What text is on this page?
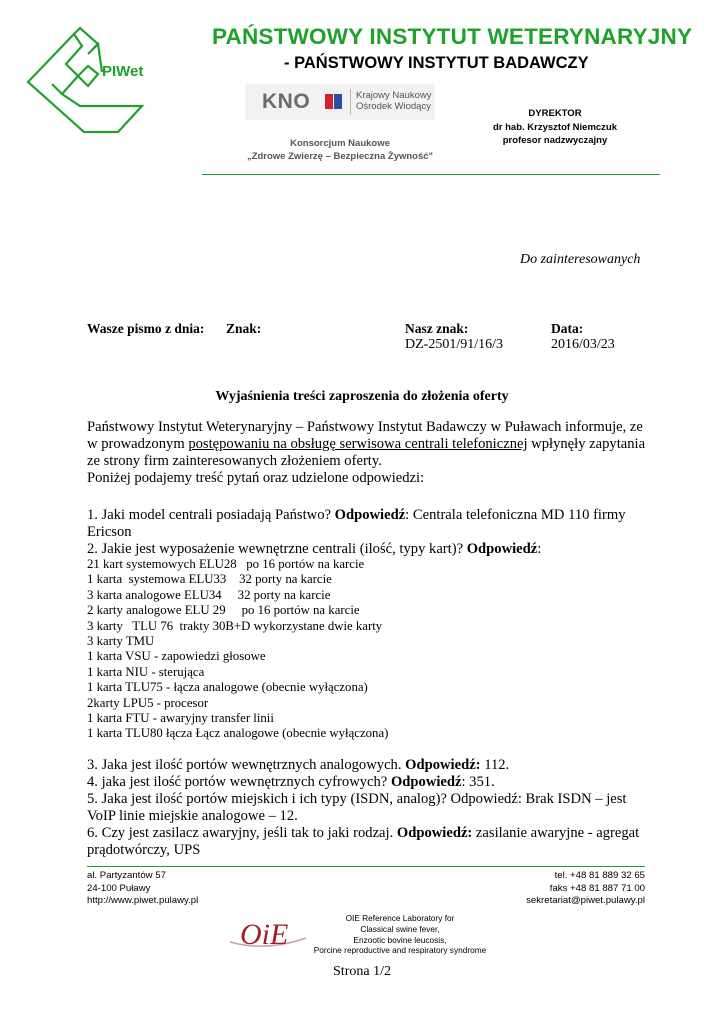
PIWet
PAŃSTWOWY INSTYTUT WETERYNARYJNY
- PAŃSTWOWY INSTYTUT BADAWCZY
KNO	Krajowy Naukowy
Ośrodek Wiodący
Konsorcjum Naukowe
„Zdrowe Zwierzę – Bezpieczna Żywność"
DYREKTOR
dr hab. Krzysztof Niemczuk
profesor nadzwyczajny
Do zainteresowanych
Wasze pismo z dnia: Znak:	Nasz znak:
DZ-2501/91/16/3
Data:
2016/03/23
Wyjaśnienia treści zaproszenia do złożenia oferty
Państwowy Instytut Weterynaryjny – Państwowy Instytut Badawczy w Puławach informuje, ze
w prowadzonym postępowaniu na obsługę serwisowa centrali telefonicznej wpłynęły zapytania
ze strony firm zainteresowanych złożeniem oferty.
Poniżej podajemy treść pytań oraz udzielone odpowiedzi:
1. Jaki model centrali posiadają Państwo? Odpowiedź: Centrala telefoniczna MD 110 firmy
Ericson
2. Jakie jest wyposażenie wewnętrzne centrali (ilość, typy kart)? Odpowiedź:
21 kart systemowych ELU28   po 16 portów na karcie
1 karta  systemowa ELU33    32 porty na karcie
3 karta analogowe ELU34     32 porty na karcie
2 karty analogowe ELU 29     po 16 portów na karcie
3 karty   TLU 76  trakty 30B+D wykorzystane dwie karty
3 karty TMU
1 karta VSU - zapowiedzi głosowe
1 karta NIU - sterująca
1 karta TLU75 - łącza analogowe (obecnie wyłączona)
2karty LPU5 - procesor
1 karta FTU - awaryjny transfer linii
1 karta TLU80 łącza Łącz analogowe (obecnie wyłączona)
3. Jaka jest ilość portów wewnętrznych analogowych. Odpowiedź: 112.
4. jaka jest ilość portów wewnętrznych cyfrowych? Odpowiedź: 351.
5. Jaka jest ilość portów miejskich i ich typy (ISDN, analog)? Odpowiedź: Brak ISDN – jest
VoIP linie miejskie analogowe – 12.
6. Czy jest zasilacz awaryjny, jeśli tak to jaki rodzaj. Odpowiedź: zasilanie awaryjne - agregat
prądotwórczy, UPS
al. Partyzantów 57
24-100 Puławy
http://www.piwet.pulawy.pl
tel. +48 81 889 32 65
faks +48 81 887 71 00
sekretariat@piwet.pulawy.pl
OiE	OIE Reference Laboratory for
Classical swine fever,
Enzootic bovine leucosis,
Porcine reproductive and respiratory syndrome
Strona 1/2
